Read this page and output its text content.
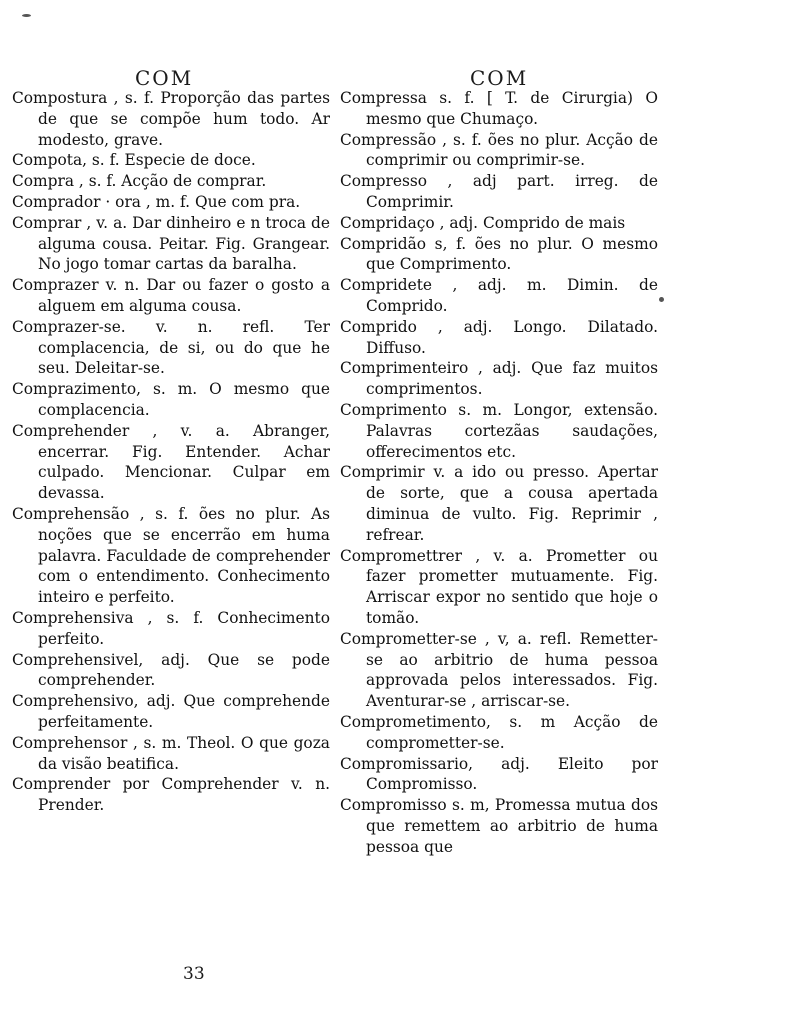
COM	COM

Compostura , s. f. Proporção das partes de que se compõe hum todo. Ar modesto, grave.

Compota, s. f. Especie de doce.

Compra , s. f. Acção de comprar.

Comprador · ora , m. f. Que com pra.

Comprar , v. a. Dar dinheiro e n troca de alguma cousa. Peitar. Fig. Grangear. No jogo tomar cartas da baralha.

Comprazer v. n. Dar ou fazer o gosto a alguem em alguma cousa.

Comprazer-se. v. n. refl. Ter complacencia, de si, ou do que he seu. Deleitar-se.

Comprazimento, s. m. O mesmo que complacencia.

Comprehender , v. a. Abranger, encerrar. Fig. Entender. Achar culpado. Mencionar. Culpar em devassa.

Comprehensão , s. f. ões no plur. As noções que se encerrão em huma palavra. Faculdade de comprehender com o entendimento. Conhecimento inteiro e perfeito.

Comprehensiva , s. f. Conhecimento perfeito.

Comprehensivel, adj. Que se pode comprehender.

Comprehensivo, adj. Que comprehende perfeitamente.

Comprehensor , s. m. Theol. O que goza da visão beatifica.

Comprender por Comprehender v. n. Prender.

Compressa s. f. [ T. de Cirurgia) O mesmo que Chumaço.

Compressão , s. f. ões no plur. Acção de comprimir ou comprimir-se.

Compresso , adj part. irreg. de Comprimir.

Compridaço , adj. Comprido de mais

Compridão s, f. ões no plur. O mesmo que Comprimento.

Compridete , adj. m. Dimin. de Comprido.

Comprido , adj. Longo. Dilatado. Diffuso.

Comprimenteiro , adj. Que faz muitos comprimentos.

Comprimento s. m. Longor, extensão. Palavras cortezãas saudações, offerecimentos etc.

Comprimir v. a ido ou presso. Apertar de sorte, que a cousa apertada diminua de vulto. Fig. Reprimir , refrear.

Compromettrer , v. a. Prometter ou fazer prometter mutuamente. Fig. Arriscar expor no sentido que hoje o tomão.

Comprometter-se , v, a. refl. Remetter-se ao arbitrio de huma pessoa approvada pelos interessados. Fig. Aventurar-se , arriscar-se.

Comprometimento, s. m Acção de comprometter-se.

Compromissario, adj. Eleito por Compromisso.

Compromisso s. m, Promessa mutua dos que remettem ao arbitrio de huma pessoa que

33
